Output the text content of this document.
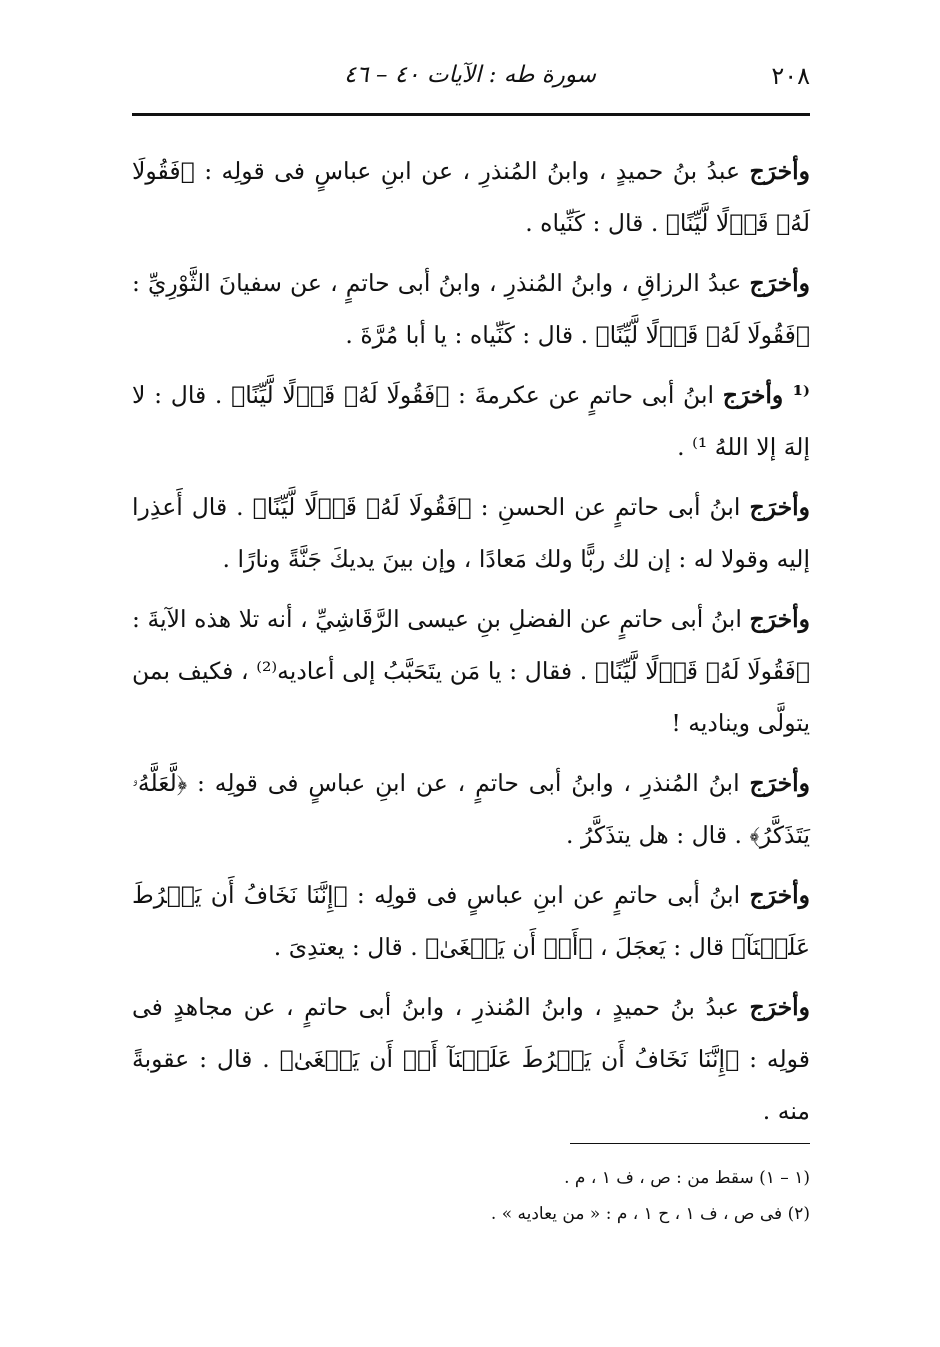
٢٠٨
سورة طه : الآيات ٤٠ – ٤٦

وأخرَج عبدُ بنُ حميدٍ ، وابنُ المُنذرِ ، عن ابنِ عباسٍ فى قولِه : ﴿فَقُولَا لَهُۥ قَوۡلًا لَّيِّنًا﴾ . قال : كَنِّياه .

وأخرَج عبدُ الرزاقِ ، وابنُ المُنذرِ ، وابنُ أبى حاتمٍ ، عن سفيانَ الثَّوْرِيِّ : ﴿فَقُولَا لَهُۥ قَوۡلًا لَّيِّنًا﴾ . قال : كَنِّياه : يا أبا مُرَّةَ .

⁽¹ وأخرَج ابنُ أبى حاتمٍ عن عكرمةَ : ﴿فَقُولَا لَهُۥ قَوۡلًا لَّيِّنًا﴾ . قال : لا إلهَ إلا اللهُ ¹⁾ .

وأخرَج ابنُ أبى حاتمٍ عن الحسنِ : ﴿فَقُولَا لَهُۥ قَوۡلًا لَّيِّنًا﴾ . قال أَعذِرا إليه وقولا له : إن لك ربًّا ولك مَعادًا ، وإن بينَ يديكَ جَنَّةً ونارًا .

وأخرَج ابنُ أبى حاتمٍ عن الفضلِ بنِ عيسى الرَّقَاشِيِّ ، أنه تلا هذه الآيةَ : ﴿فَقُولَا لَهُۥ قَوۡلًا لَّيِّنًا﴾ . فقال : يا مَن يتَحَبَّبُ إلى أعاديه⁽²⁾ ، فكيف بمن يتولَّى ويناديه !

وأخرَج ابنُ المُنذرِ ، وابنُ أبى حاتمٍ ، عن ابنِ عباسٍ فى قولِه : ﴿لَّعَلَّهُۥ يَتَذَكَّرُ﴾ . قال : هل يتذَكَّرُ .

وأخرَج ابنُ أبى حاتمٍ عن ابنِ عباسٍ فى قولِه : ﴿إِنَّنَا نَخَافُ أَن يَفۡرُطَ عَلَيۡنَآ﴾ قال : يَعجَلَ ، ﴿أَوۡ أَن يَطۡغَىٰ﴾ . قال : يعتدِىَ .

وأخرَج عبدُ بنُ حميدٍ ، وابنُ المُنذرِ ، وابنُ أبى حاتمٍ ، عن مجاهدٍ فى قولِه : ﴿إِنَّنَا نَخَافُ أَن يَفۡرُطَ عَلَيۡنَآ أَوۡ أَن يَطۡغَىٰ﴾ . قال : عقوبةً منه .

(١ – ١) سقط من : ص ، ف ١ ، م .

(٢) فى ص ، ف ١ ، ح ١ ، م : « من يعاديه » .
